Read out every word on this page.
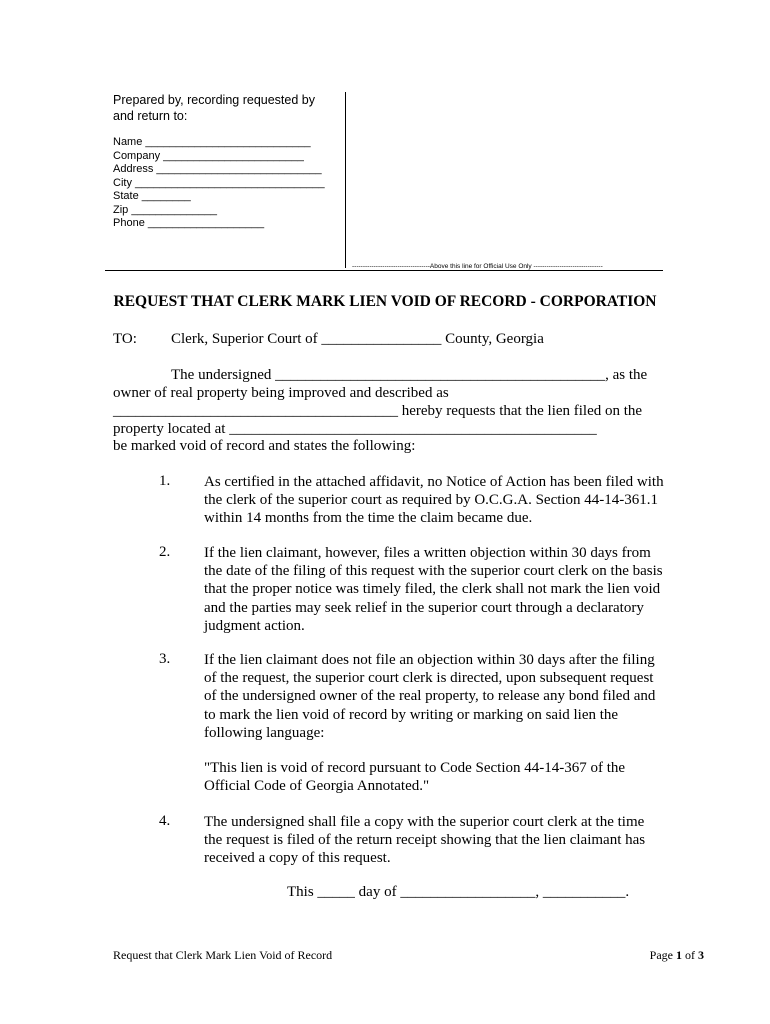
Prepared by, recording requested by and return to:
Name ___________________________
Company _______________________
Address ___________________________
City _______________________________
State ________
Zip ______________
Phone ___________________
------------------------------------Above this line for Official Use Only --------------------------------
REQUEST THAT CLERK MARK LIEN VOID OF RECORD - CORPORATION
TO: Clerk, Superior Court of ________________ County, Georgia
The undersigned ____________________________________________, as the
owner of real property being improved and described as
______________________________________ hereby requests that the lien filed on the
property located at _________________________________________________
be marked void of record and states the following:
1. As certified in the attached affidavit, no Notice of Action has been filed with the clerk of the superior court as required by O.C.G.A. Section 44-14-361.1 within 14 months from the time the claim became due.
2. If the lien claimant, however, files a written objection within 30 days from the date of the filing of this request with the superior court clerk on the basis that the proper notice was timely filed, the clerk shall not mark the lien void and the parties may seek relief in the superior court through a declaratory judgment action.
3. If the lien claimant does not file an objection within 30 days after the filing of the request, the superior court clerk is directed, upon subsequent request of the undersigned owner of the real property, to release any bond filed and to mark the lien void of record by writing or marking on said lien the following language:
"This lien is void of record pursuant to Code Section 44-14-367 of the Official Code of Georgia Annotated."
4. The undersigned shall file a copy with the superior court clerk at the time the request is filed of the return receipt showing that the lien claimant has received a copy of this request.
This _____ day of __________________, ___________.
Request that Clerk Mark Lien Void of Record	Page 1 of 3
